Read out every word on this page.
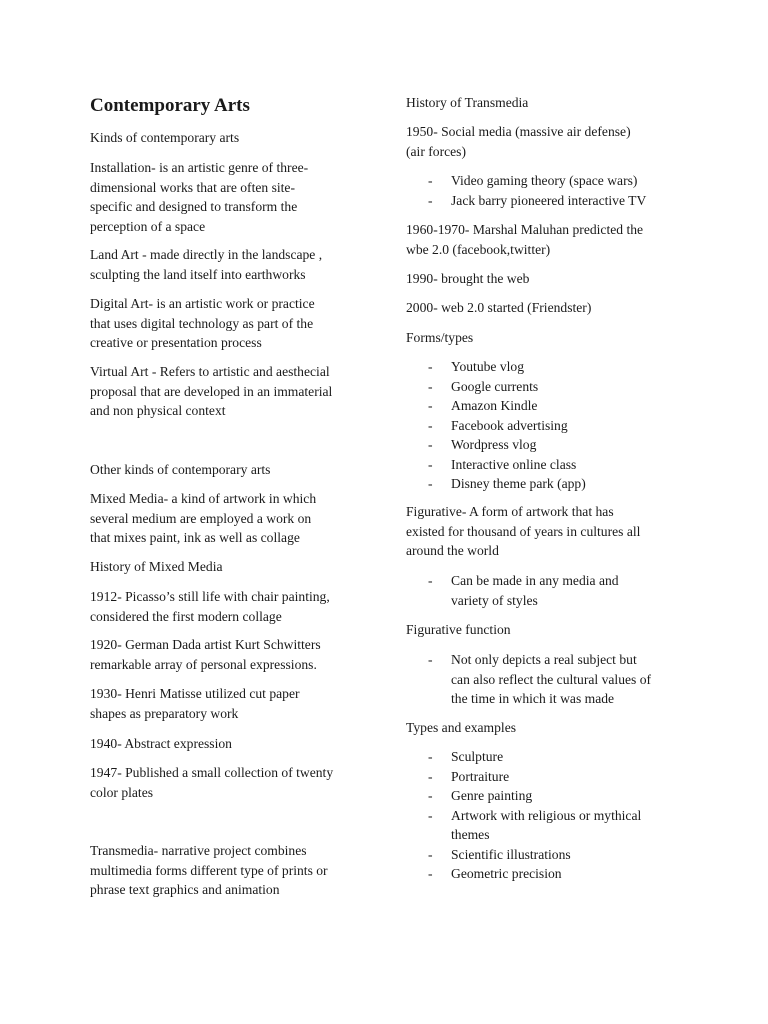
Contemporary Arts

Kinds of contemporary arts

Installation- is an artistic genre of three-
dimensional works that are often site-
specific and designed to transform the
perception of a space

Land Art - made directly in the landscape ,
sculpting the land itself into earthworks

Digital Art- is an artistic work or practice
that uses digital technology as part of the
creative or presentation process

Virtual Art - Refers to artistic and aesthecial
proposal that are developed in an immaterial
and non physical context

Other kinds of contemporary arts

Mixed Media- a kind of artwork in which
several medium are employed a work on
that mixes paint, ink as well as collage

History of Mixed Media

1912- Picasso’s still life with chair painting,
considered the first modern collage

1920- German Dada artist Kurt Schwitters
remarkable array of personal expressions.

1930- Henri Matisse utilized cut paper
shapes as preparatory work

1940- Abstract expression

1947- Published a small collection of twenty
color plates

Transmedia- narrative project combines
multimedia forms different type of prints or
phrase text graphics and animation

History of Transmedia

1950- Social media (massive air defense)
(air forces)

- Video gaming theory (space wars)
- Jack barry pioneered interactive TV

1960-1970- Marshal Maluhan predicted the
wbe 2.0 (facebook,twitter)

1990- brought the web

2000- web 2.0 started (Friendster)

Forms/types

- Youtube vlog
- Google currents
- Amazon Kindle
- Facebook advertising
- Wordpress vlog
- Interactive online class
- Disney theme park (app)

Figurative- A form of artwork that has
existed for thousand of years in cultures all
around the world

- Can be made in any media and
variety of styles

Figurative function

- Not only depicts a real subject but
can also reflect the cultural values of
the time in which it was made

Types and examples

- Sculpture
- Portraiture
- Genre painting
- Artwork with religious or mythical
themes
- Scientific illustrations
- Geometric precision
